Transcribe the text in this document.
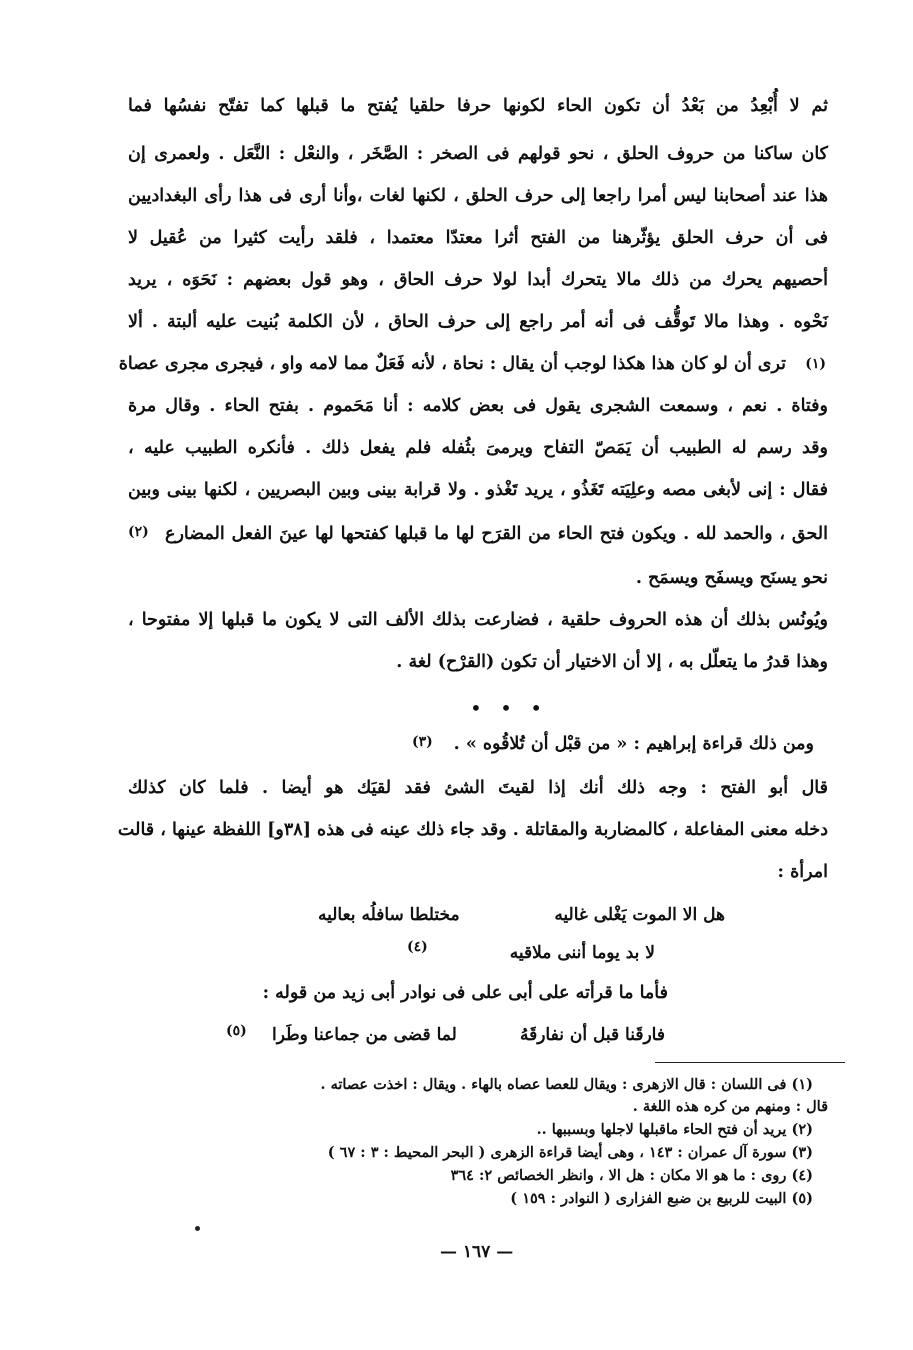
ثم لا أُبْعِدُ من بَعْدُ أن تكون الحاء لكونها حرفا حلقيا يُفتح ما قبلها كما تفتّح نفسُها فما
كان ساكنا من حروف الحلق ، نحو قولهم فى الصخر : الصَّخَر ، والنعْل : النَّعَل . ولعمرى إن
هذا عند أصحابنا ليس أمرا راجعا إلى حرف الحلق ، لكنها لغات ،وأنا أرى فى هذا رأى البغداديين
فى أن حرف الحلق يؤثّرهنا من الفتح أثرا معتدّا معتمدا ، فلقد رأيت كثيرا من عُقيل لا
أحصيهم يحرك من ذلك مالا يتحرك أبدا لولا حرف الحاق ، وهو قول بعضهم : نَحَوَه ، يريد
نَحْوه . وهذا مالا تَوقُّف فى أنه أمر راجع إلى حرف الحاق ، لأن الكلمة بُنيت عليه ألبتة . ألا
ترى أن لو كان هذا هكذا لوجب أن يقال : نحاة ، لأنه فَعَلٌ مما لامه واو ، فيجرى مجرى عصاة (١)
وفتاة . نعم ، وسمعت الشجرى يقول فى بعض كلامه : أنا مَحَموم . بفتح الحاء . وقال مرة
وقد رسم له الطبيب أن يَمَصّ التفاح ويرمىَ بثُفله فلم يفعل ذلك . فأنكره الطبيب عليه ،
فقال : إنى لأبغى مصه وعلِيَته تَغَذُو ، يريد تَغْذو . ولا قرابة بينى وبين البصريين ، لكنها بينى وبين
الحق ، والحمد لله . ويكون فتح الحاء من القرَح لها ما قبلها كفتحها لها عينَ الفعل المضارع
(٢)
نحو يسنَح ويسفَح ويسمَح .
ويُونُس بذلك أن هذه الحروف حلقية ، فضارعت بذلك الألف التى لا يكون ما قبلها إلا مفتوحا ،
وهذا قدرُ ما يتعلّل به ، إلا أن الاختيار أن تكون (القرْح) لغة .
• • •
ومن ذلك قراءة إبراهيم : « من قبْل أن تُلاقُوه » .
(٣)
قال أبو الفتح : وجه ذلك أنك إذا لقيتَ الشئ فقد لقيَك هو أيضا . فلما كان كذلك
دخله معنى المفاعلة ، كالمضاربة والمقاتلة . وقد جاء ذلك عينه فى هذه [٣٨و] اللفظة عينها ، قالت
امرأة :
هل الا الموت يَغْلى غاليه
مختلطا سافلُه بعاليه
لا بد يوما أننى ملاقيه
(٤)
فأما ما قرأته على أبى على فى نوادر أبى زيد من قوله :
فارقَنا قبل أن نفارقَهُ
لما قضى من جماعنا وطَرا
(٥)
(١) فى اللسان : قال الازهرى : ويقال للعصا عصاه بالهاء . ويقال : اخذت عصاته .
قال : ومنهم من كره هذه اللغة .
(٢) يريد أن فتح الحاء ماقبلها لاجلها وبسببها ..
(٣) سورة آل عمران : ١٤٣ ، وهى أيضا قراءة الزهرى ( البحر المحيط : ٣ : ٦٧ )
(٤) روى : ما هو الا مكان : هل الا ، وانظر الخصائص ٢: ٣٦٤
(٥) البيت للربيع بن ضبع الفزارى ( النوادر : ١٥٩ )
— ١٦٧ —
